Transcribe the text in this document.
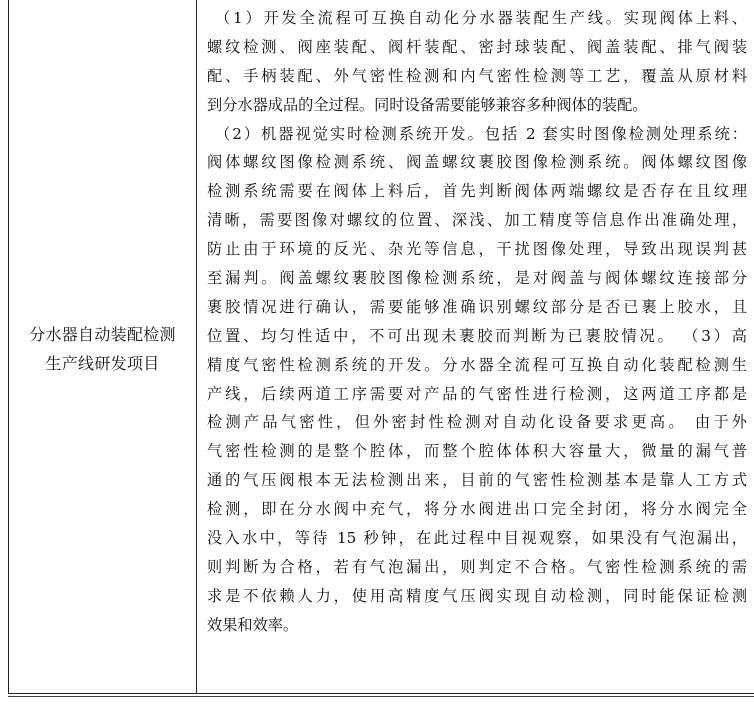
分水器自动装配检测
生产线研发项目
（1）开发全流程可互换自动化分水器装配生产线。实现阀体上料、
螺纹检测、阀座装配、阀杆装配、密封球装配、阀盖装配、排气阀装
配、手柄装配、外气密性检测和内气密性检测等工艺，覆盖从原材料
到分水器成品的全过程。同时设备需要能够兼容多种阀体的装配。
（2）机器视觉实时检测系统开发。包括 2 套实时图像检测处理系统：
阀体螺纹图像检测系统、阀盖螺纹裹胶图像检测系统。阀体螺纹图像
检测系统需要在阀体上料后，首先判断阀体两端螺纹是否存在且纹理
清晰，需要图像对螺纹的位置、深浅、加工精度等信息作出准确处理，
防止由于环境的反光、杂光等信息，干扰图像处理，导致出现误判甚
至漏判。阀盖螺纹裹胶图像检测系统，是对阀盖与阀体螺纹连接部分
裹胶情况进行确认，需要能够准确识别螺纹部分是否已裹上胶水，且
位置、均匀性适中，不可出现未裹胶而判断为已裹胶情况。 （3）高
精度气密性检测系统的开发。分水器全流程可互换自动化装配检测生
产线，后续两道工序需要对产品的气密性进行检测，这两道工序都是
检测产品气密性，但外密封性检测对自动化设备要求更高。 由于外
气密性检测的是整个腔体，而整个腔体体积大容量大，微量的漏气普
通的气压阀根本无法检测出来，目前的气密性检测基本是靠人工方式
检测，即在分水阀中充气，将分水阀进出口完全封闭，将分水阀完全
没入水中，等待 15 秒钟，在此过程中目视观察，如果没有气泡漏出，
则判断为合格，若有气泡漏出，则判定不合格。气密性检测系统的需
求是不依赖人力，使用高精度气压阀实现自动检测，同时能保证检测
效果和效率。
